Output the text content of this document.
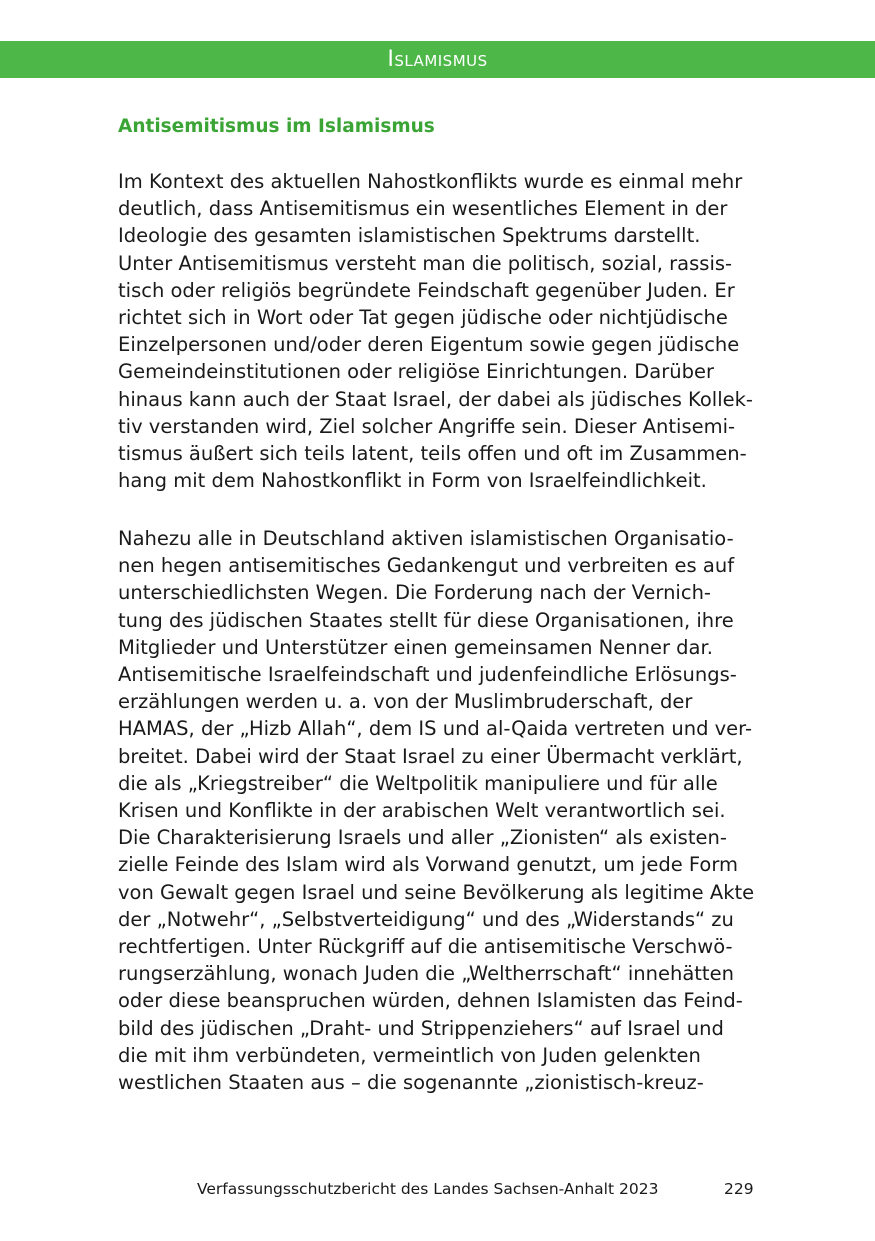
Islamismus
Antisemitismus im Islamismus

Im Kontext des aktuellen Nahostkonflikts wurde es einmal mehr
deutlich, dass Antisemitismus ein wesentliches Element in der
Ideologie des gesamten islamistischen Spektrums darstellt.
Unter Antisemitismus versteht man die politisch, sozial, rassis-
tisch oder religiös begründete Feindschaft gegenüber Juden. Er
richtet sich in Wort oder Tat gegen jüdische oder nichtjüdische
Einzelpersonen und/oder deren Eigentum sowie gegen jüdische
Gemeindeinstitutionen oder religiöse Einrichtungen. Darüber
hinaus kann auch der Staat Israel, der dabei als jüdisches Kollek-
tiv verstanden wird, Ziel solcher Angriffe sein. Dieser Antisemi-
tismus äußert sich teils latent, teils offen und oft im Zusammen-
hang mit dem Nahostkonflikt in Form von Israelfeindlichkeit.

Nahezu alle in Deutschland aktiven islamistischen Organisatio-
nen hegen antisemitisches Gedankengut und verbreiten es auf
unterschiedlichsten Wegen. Die Forderung nach der Vernich-
tung des jüdischen Staates stellt für diese Organisationen, ihre
Mitglieder und Unterstützer einen gemeinsamen Nenner dar.
Antisemitische Israelfeindschaft und judenfeindliche Erlösungs-
erzählungen werden u. a. von der Muslimbruderschaft, der
HAMAS, der „Hizb Allah“, dem IS und al-Qaida vertreten und ver-
breitet. Dabei wird der Staat Israel zu einer Übermacht verklärt,
die als „Kriegstreiber“ die Weltpolitik manipuliere und für alle
Krisen und Konflikte in der arabischen Welt verantwortlich sei.
Die Charakterisierung Israels und aller „Zionisten“ als existen-
zielle Feinde des Islam wird als Vorwand genutzt, um jede Form
von Gewalt gegen Israel und seine Bevölkerung als legitime Akte
der „Notwehr“, „Selbstverteidigung“ und des „Widerstands“ zu
rechtfertigen. Unter Rückgriff auf die antisemitische Verschwö-
rungserzählung, wonach Juden die „Weltherrschaft“ innehätten
oder diese beanspruchen würden, dehnen Islamisten das Feind-
bild des jüdischen „Draht- und Strippenziehers“ auf Israel und
die mit ihm verbündeten, vermeintlich von Juden gelenkten
westlichen Staaten aus – die sogenannte „zionistisch-kreuz-

Verfassungsschutzbericht des Landes Sachsen-Anhalt 2023	229
